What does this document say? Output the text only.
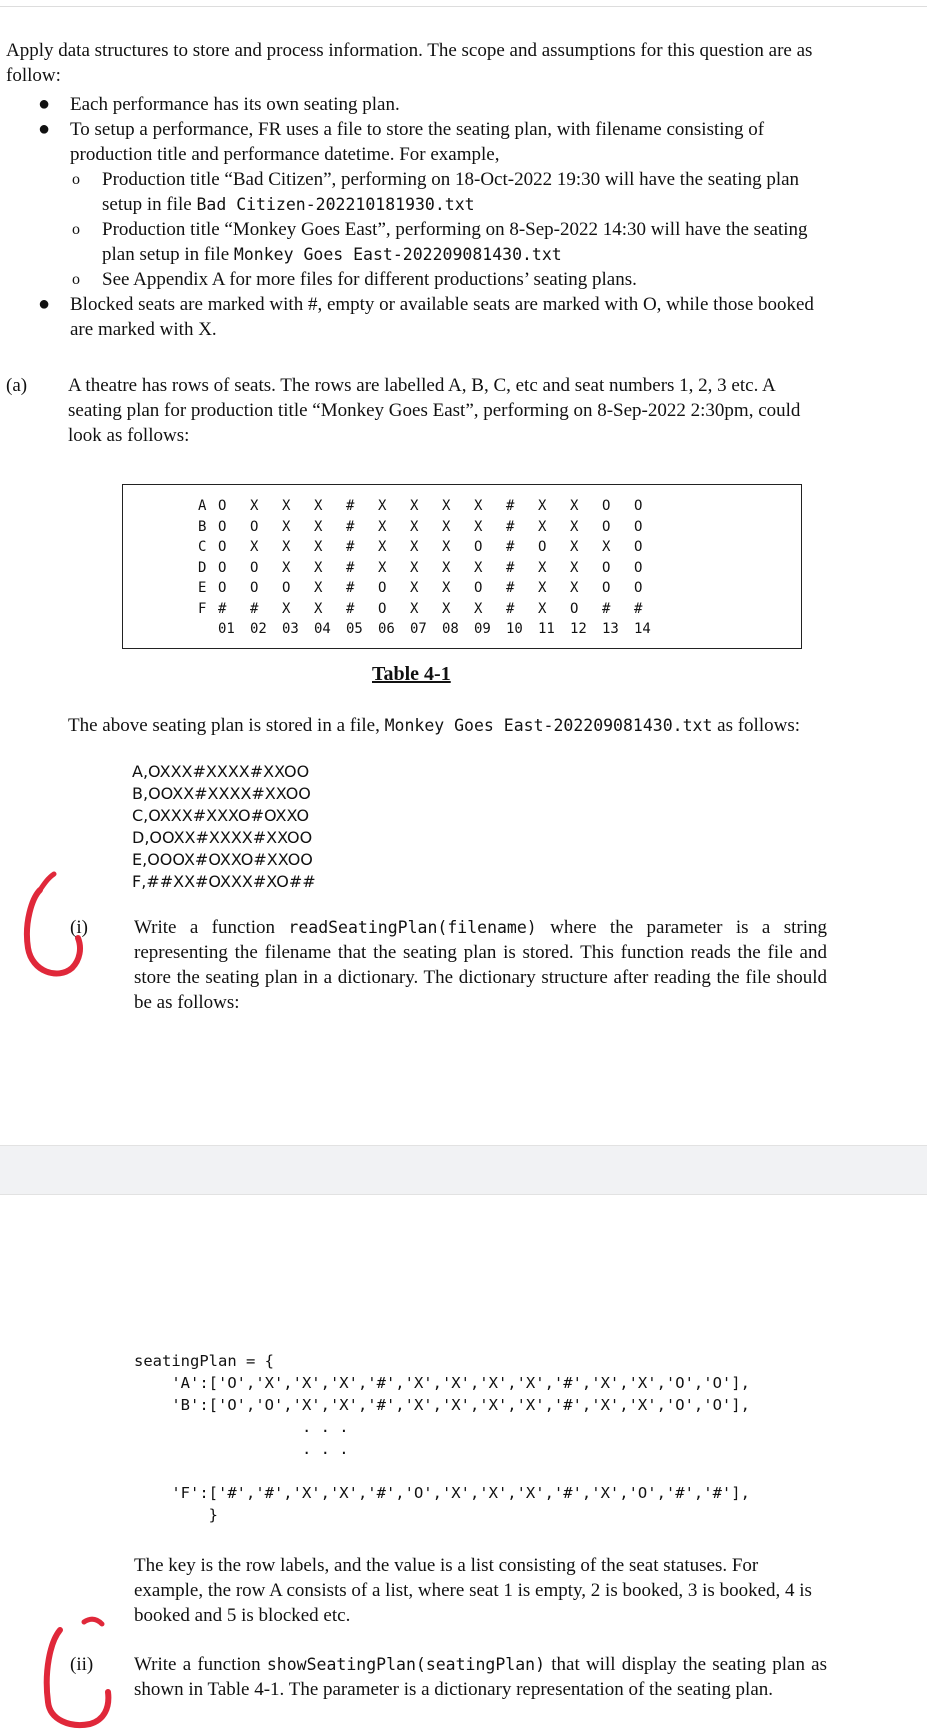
Apply data structures to store and process information. The scope and assumptions for this question are as follow:
● Each performance has its own seating plan.
● To setup a performance, FR uses a file to store the seating plan, with filename consisting of production title and performance datetime. For example,
o Production title “Bad Citizen”, performing on 18-Oct-2022 19:30 will have the seating plan setup in file Bad Citizen-202210181930.txt
o Production title “Monkey Goes East”, performing on 8-Sep-2022 14:30 will have the seating plan setup in file Monkey Goes East-202209081430.txt
o See Appendix A for more files for different productions’ seating plans.
● Blocked seats are marked with #, empty or available seats are marked with O, while those booked are marked with X.
(a) A theatre has rows of seats. The rows are labelled A, B, C, etc and seat numbers 1, 2, 3 etc. A seating plan for production title “Monkey Goes East”, performing on 8-Sep-2022 2:30pm, could look as follows:
A O	X	X	X	#	X	X	X	X	#	X	X	O	O
B O	O	X	X	#	X	X	X	X	#	X	X	O	O
C O	X	X	X	#	X	X	X	O	#	O	X	X	O
D O	O	X	X	#	X	X	X	X	#	X	X	O	O
E O	O	O	X	#	O	X	X	O	#	X	X	O	O
F #	#	X	X	#	O	X	X	X	#	X	O	#	#
01	02	03	04	05	06	07	08	09	10	11	12	13	14
Table 4-1
The above seating plan is stored in a file, Monkey Goes East-202209081430.txt as follows:
A,OXXX#XXXX#XXOO
B,OOXX#XXXX#XXOO
C,OXXX#XXXO#OXXO
D,OOXX#XXXX#XXOO
E,OOOX#OXXO#XXOO
F,##XX#OXXX#XO##
(i) Write a function readSeatingPlan(filename) where the parameter is a string representing the filename that the seating plan is stored. This function reads the file and store the seating plan in a dictionary. The dictionary structure after reading the file should be as follows:
seatingPlan = {
'A':['O','X','X','X','#','X','X','X','X','#','X','X','O','O'],
'B':['O','O','X','X','#','X','X','X','X','#','X','X','O','O'],
. . .
. . .
'F':['#','#','X','X','#','O','X','X','X','#','X','O','#','#'],
}
The key is the row labels, and the value is a list consisting of the seat statuses. For example, the row A consists of a list, where seat 1 is empty, 2 is booked, 3 is booked, 4 is booked and 5 is blocked etc.
(ii) Write a function showSeatingPlan(seatingPlan) that will display the seating plan as shown in Table 4-1. The parameter is a dictionary representation of the seating plan.
